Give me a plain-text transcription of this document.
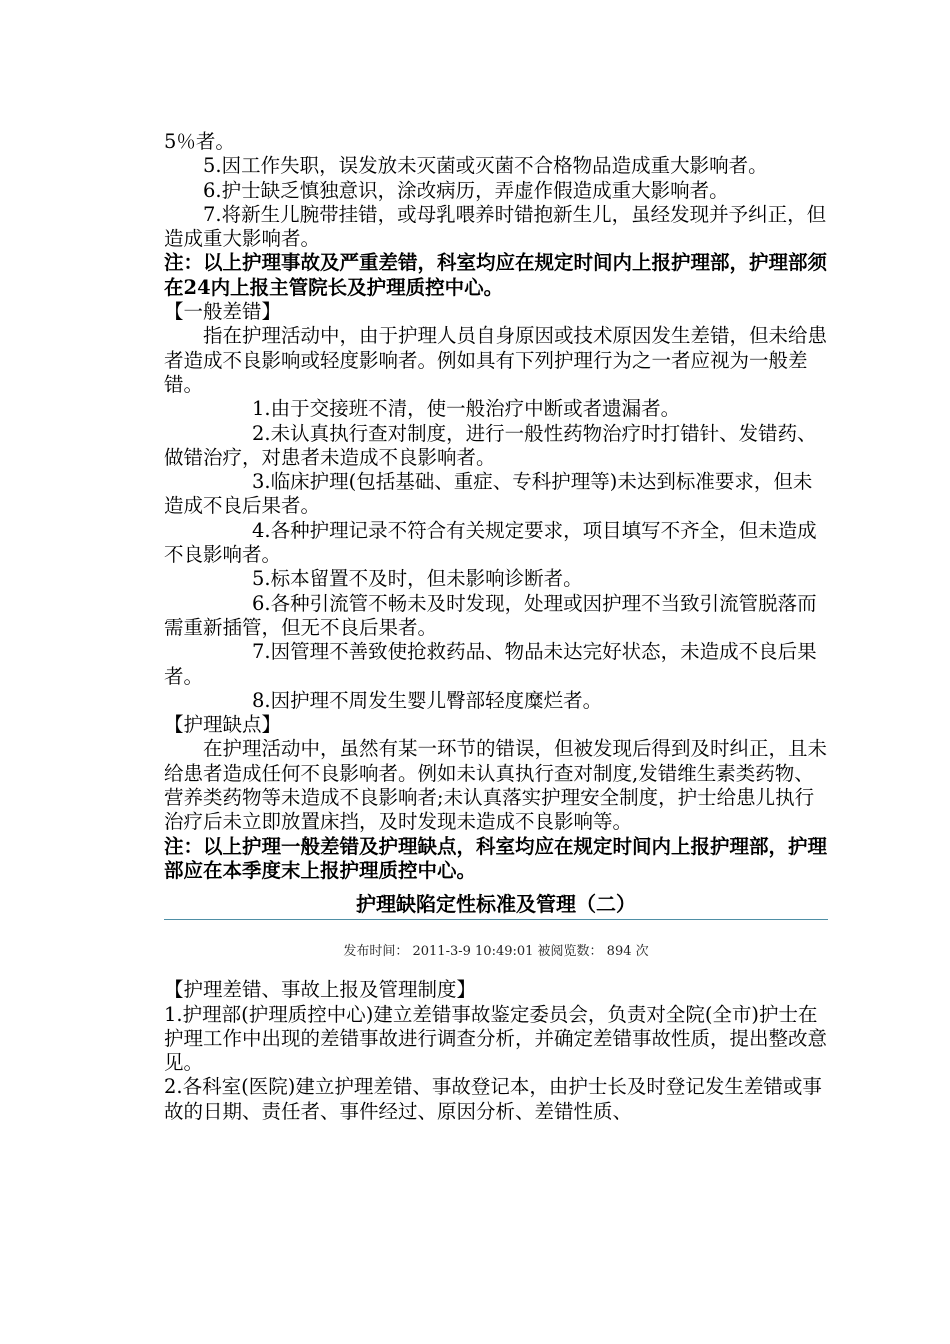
5％者。

5.因工作失职，误发放未灭菌或灭菌不合格物品造成重大影响者。

6.护士缺乏慎独意识，涂改病历，弄虚作假造成重大影响者。

7.将新生儿腕带挂错，或母乳喂养时错抱新生儿，虽经发现并予纠正，但造成重大影响者。

注：以上护理事故及严重差错，科室均应在规定时间内上报护理部，护理部须在24内上报主管院长及护理质控中心。

【一般差错】

指在护理活动中，由于护理人员自身原因或技术原因发生差错，但未给患者造成不良影响或轻度影响者。例如具有下列护理行为之一者应视为一般差错。

1.由于交接班不清，使一般治疗中断或者遗漏者。

2.未认真执行查对制度，进行一般性药物治疗时打错针、发错药、做错治疗，对患者未造成不良影响者。

3.临床护理(包括基础、重症、专科护理等)未达到标准要求，但未造成不良后果者。

4.各种护理记录不符合有关规定要求，项目填写不齐全，但未造成不良影响者。

5.标本留置不及时，但未影响诊断者。

6.各种引流管不畅未及时发现，处理或因护理不当致引流管脱落而需重新插管，但无不良后果者。

7.因管理不善致使抢救药品、物品未达完好状态，未造成不良后果者。

8.因护理不周发生婴儿臀部轻度糜烂者。

【护理缺点】

在护理活动中，虽然有某一环节的错误，但被发现后得到及时纠正，且未给患者造成任何不良影响者。例如未认真执行查对制度,发错维生素类药物、营养类药物等未造成不良影响者;未认真落实护理安全制度，护士给患儿执行治疗后未立即放置床挡，及时发现未造成不良影响等。

注：以上护理一般差错及护理缺点，科室均应在规定时间内上报护理部，护理部应在本季度末上报护理质控中心。

护理缺陷定性标准及管理（二）

发布时间： 2011-3-9 10:49:01 被阅览数： 894 次

【护理差错、事故上报及管理制度】

1.护理部(护理质控中心)建立差错事故鉴定委员会，负责对全院(全市)护士在护理工作中出现的差错事故进行调查分析，并确定差错事故性质，提出整改意见。

2.各科室(医院)建立护理差错、事故登记本，由护士长及时登记发生差错或事故的日期、责任者、事件经过、原因分析、差错性质、
